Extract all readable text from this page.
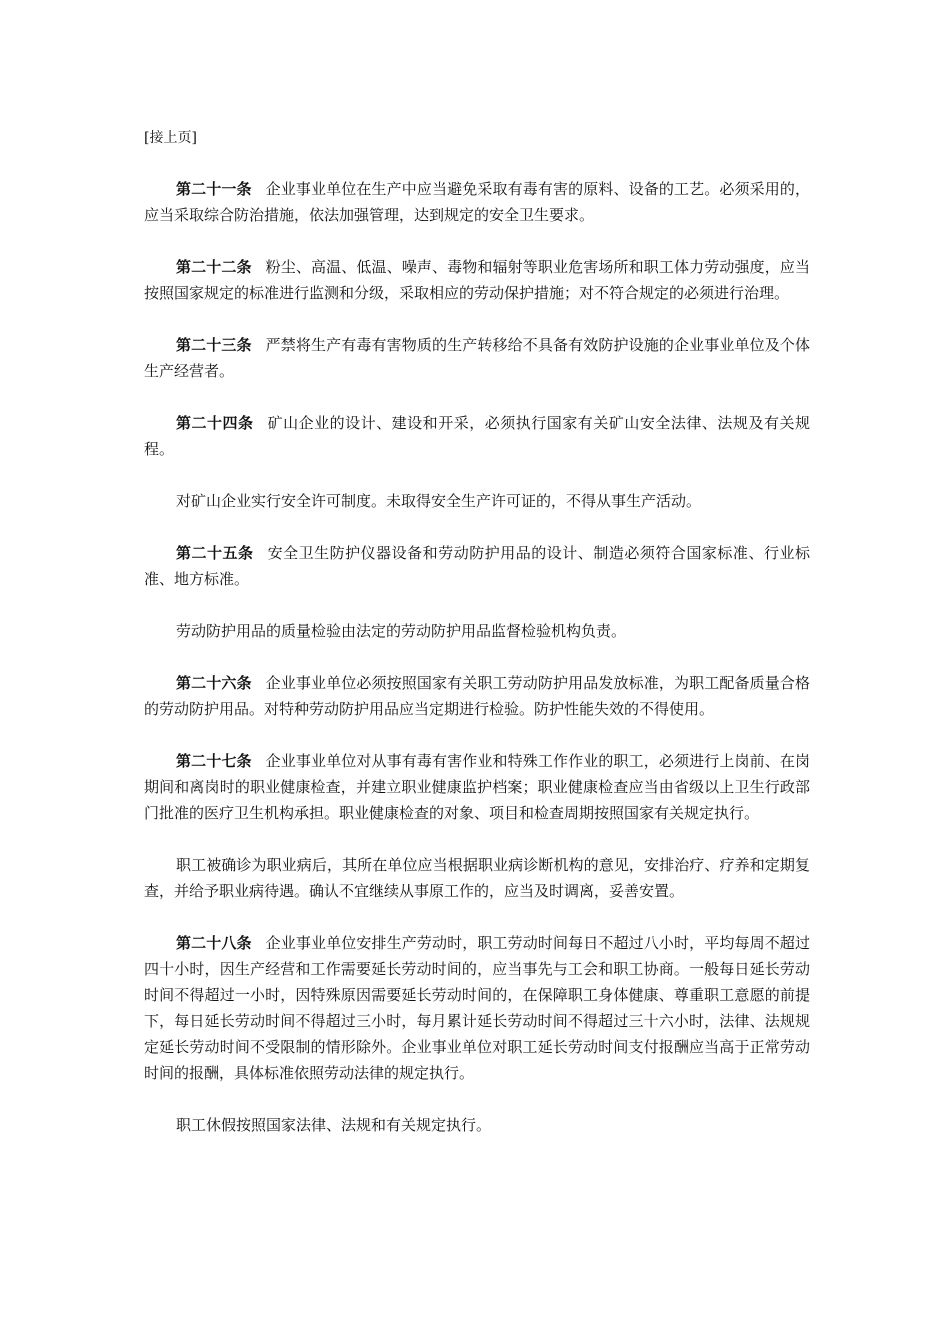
[接上页]

第二十一条 企业事业单位在生产中应当避免采取有毒有害的原料、设备的工艺。必须采用的，应当采取综合防治措施，依法加强管理，达到规定的安全卫生要求。

第二十二条 粉尘、高温、低温、噪声、毒物和辐射等职业危害场所和职工体力劳动强度，应当按照国家规定的标准进行监测和分级，采取相应的劳动保护措施；对不符合规定的必须进行治理。

第二十三条 严禁将生产有毒有害物质的生产转移给不具备有效防护设施的企业事业单位及个体生产经营者。

第二十四条 矿山企业的设计、建设和开采，必须执行国家有关矿山安全法律、法规及有关规程。

对矿山企业实行安全许可制度。未取得安全生产许可证的，不得从事生产活动。

第二十五条 安全卫生防护仪器设备和劳动防护用品的设计、制造必须符合国家标准、行业标准、地方标准。

劳动防护用品的质量检验由法定的劳动防护用品监督检验机构负责。

第二十六条 企业事业单位必须按照国家有关职工劳动防护用品发放标准，为职工配备质量合格的劳动防护用品。对特种劳动防护用品应当定期进行检验。防护性能失效的不得使用。

第二十七条 企业事业单位对从事有毒有害作业和特殊工作作业的职工，必须进行上岗前、在岗期间和离岗时的职业健康检查，并建立职业健康监护档案；职业健康检查应当由省级以上卫生行政部门批准的医疗卫生机构承担。职业健康检查的对象、项目和检查周期按照国家有关规定执行。

职工被确诊为职业病后，其所在单位应当根据职业病诊断机构的意见，安排治疗、疗养和定期复查，并给予职业病待遇。确认不宜继续从事原工作的，应当及时调离，妥善安置。

第二十八条 企业事业单位安排生产劳动时，职工劳动时间每日不超过八小时，平均每周不超过四十小时，因生产经营和工作需要延长劳动时间的，应当事先与工会和职工协商。一般每日延长劳动时间不得超过一小时，因特殊原因需要延长劳动时间的，在保障职工身体健康、尊重职工意愿的前提下，每日延长劳动时间不得超过三小时，每月累计延长劳动时间不得超过三十六小时，法律、法规规定延长劳动时间不受限制的情形除外。企业事业单位对职工延长劳动时间支付报酬应当高于正常劳动时间的报酬，具体标准依照劳动法律的规定执行。

职工休假按照国家法律、法规和有关规定执行。
